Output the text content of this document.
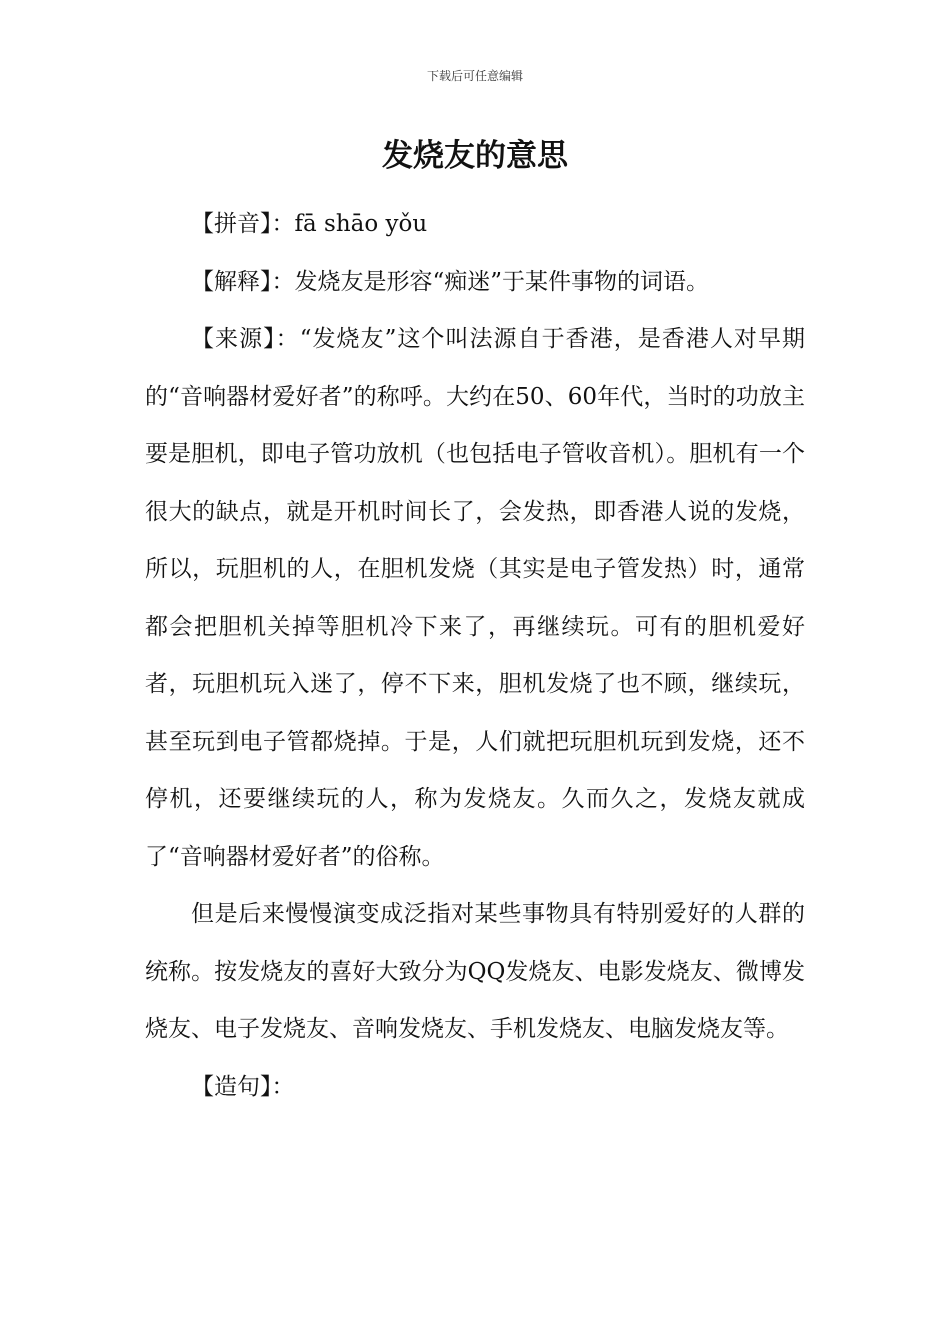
下载后可任意编辑
发烧友的意思

【拼音】：fā shāo yǒu

【解释】：发烧友是形容“痴迷”于某件事物的词语。

【来源】：“发烧友”这个叫法源自于香港，是香港人对早期的“音响器材爱好者”的称呼。大约在50、60年代，当时的功放主要是胆机，即电子管功放机（也包括电子管收音机）。胆机有一个很大的缺点，就是开机时间长了，会发热，即香港人说的发烧，所以，玩胆机的人，在胆机发烧（其实是电子管发热）时，通常都会把胆机关掉等胆机冷下来了，再继续玩。可有的胆机爱好者，玩胆机玩入迷了，停不下来，胆机发烧了也不顾，继续玩，甚至玩到电子管都烧掉。于是，人们就把玩胆机玩到发烧，还不停机，还要继续玩的人，称为发烧友。久而久之，发烧友就成了“音响器材爱好者”的俗称。

但是后来慢慢演变成泛指对某些事物具有特别爱好的人群的统称。按发烧友的喜好大致分为QQ发烧友、电影发烧友、微博发烧友、电子发烧友、音响发烧友、手机发烧友、电脑发烧友等。

【造句】：
